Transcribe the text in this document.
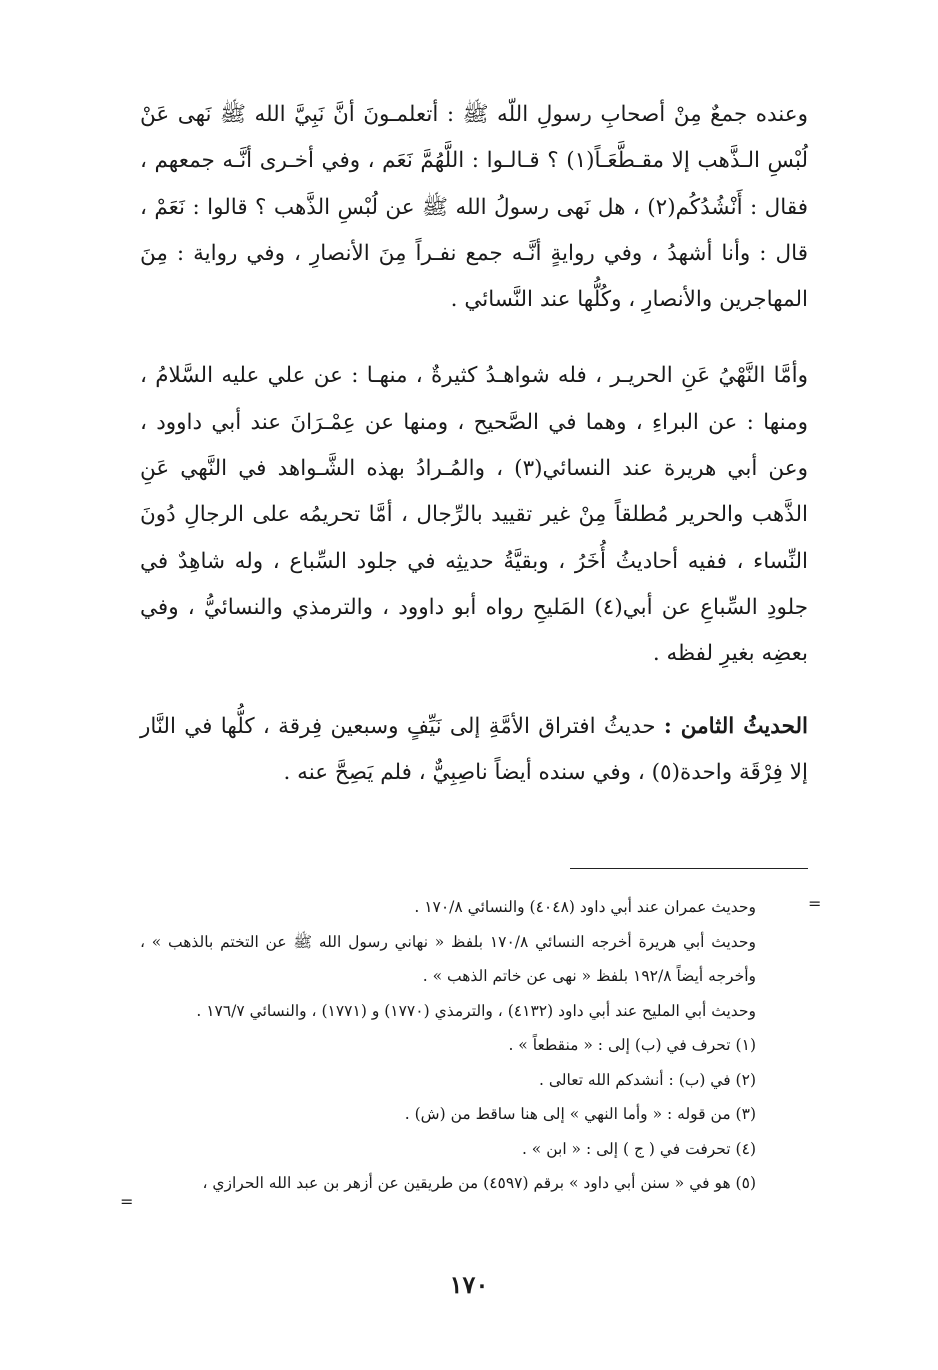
وعنده جمعٌ مِنْ أصحابِ رسولِ اللّه ﷺ : أتعلمـونَ أنَّ نَبِيَّ الله ﷺ نَهى عَنْ لُبْسِ الـذَّهب إلا مقـطَّعَـاً(١) ؟ قـالـوا : اللَّهُمَّ نَعَم ، وفي أخـرى أنَّـه جمعهم ، فقال : أَنْشُدُكُم(٢) ، هل نَهى رسولُ الله ﷺ عن لُبْسِ الذَّهب ؟ قالوا : نَعَمْ ، قال : وأنا أشهدُ ، وفي روايةٍ أنَّـه جمع نفـراً مِنَ الأنصارِ ، وفي رواية : مِنَ المهاجرين والأنصارِ ، وكُلُّها عند النَّسائي .

وأمَّا النَّهْيُ عَنِ الحريـر ، فله شواهـدُ كثيرةٌ ، منهـا : عن علي عليه السَّلامُ ، ومنها : عن البراءِ ، وهما في الصَّحيح ، ومنها عن عِمْـرَانَ عند أبي داوود ، وعن أبي هريرة عند النسائي(٣) ، والمُـرادُ بهذه الشَّـواهد في النَّهي عَنِ الذَّهب والحرير مُطلقاً مِنْ غير تقييد بالرِّجال ، أمَّا تحريمُه على الرجالِ دُونَ النِّساء ، ففيه أحاديثُ أُخَرُ ، وبقيَّةُ حديثِه في جلود السِّباع ، وله شاهِدٌ في جلودِ السِّباعِ عن أبي(٤) المَليحِ رواه أبو داوود ، والترمذي والنسائيُّ ، وفي بعضِه بغيرِ لفظه .

الحديثُ الثامن : حديثُ افتراق الأمَّةِ إلى نَيِّفٍ وسبعين فِرقة ، كلُّها في النَّار إلا فِرْقَة واحدة(٥) ، وفي سنده أيضاً ناصِبِيٌّ ، فلم يَصِحَّ عنه .

=

وحديث عمران عند أبي داود (٤٠٤٨) والنسائي ١٧٠/٨ .

وحديث أبي هريرة أخرجه النسائي ١٧٠/٨ بلفظ « نهاني رسول الله ﷺ عن التختم بالذهب » ، وأخرجه أيضاً ١٩٢/٨ بلفظ « نهى عن خاتم الذهب » .

وحديث أبي المليح عند أبي داود (٤١٣٢) ، والترمذي (١٧٧٠) و (١٧٧١) ، والنسائي ١٧٦/٧ .

(١) تحرف في (ب) إلى : « منقطعاً » .

(٢) في (ب) : أنشدكم الله تعالى .

(٣) من قوله : « وأما النهي » إلى هنا ساقط من (ش) .

(٤) تحرفت في ( ج ) إلى : « ابن » .

(٥) هو في « سنن أبي داود » برقم (٤٥٩٧) من طريقين عن أزهر بن عبد الله الحرازي ،

=
١٧٠
